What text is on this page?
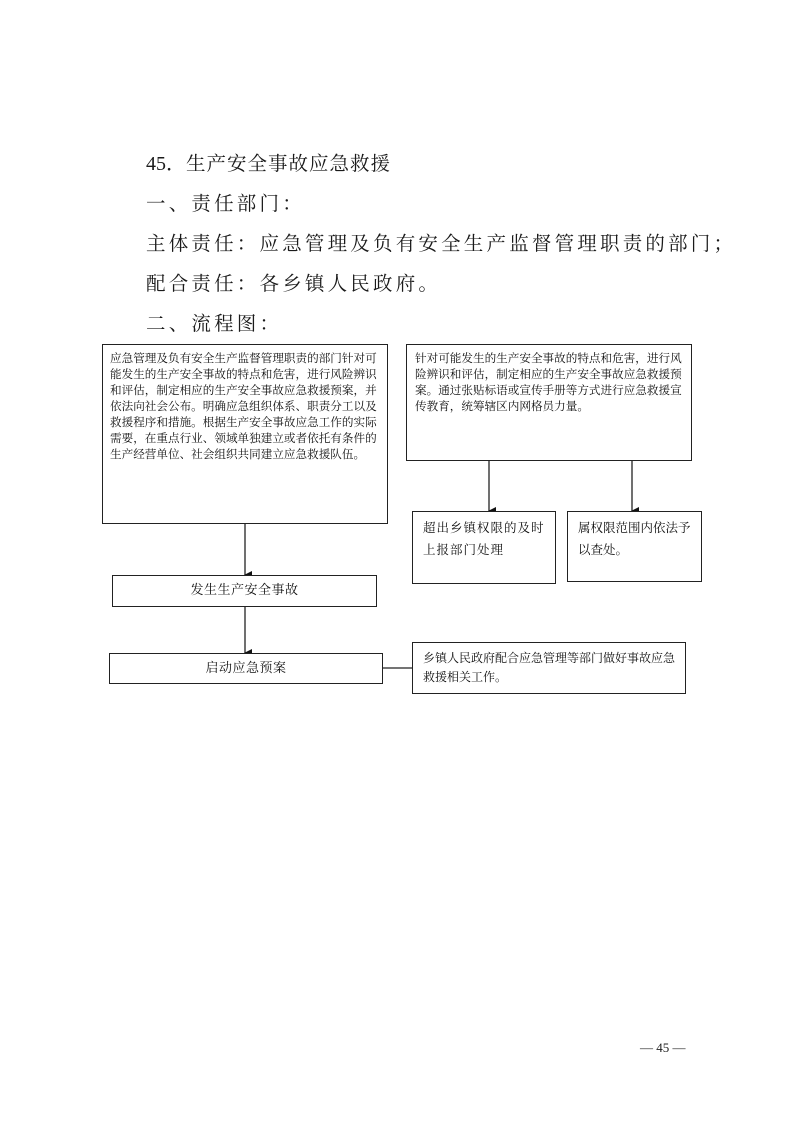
45．生产安全事故应急救援
一、责任部门：
主体责任：应急管理及负有安全生产监督管理职责的部门；
配合责任：各乡镇人民政府。
二、流程图：
应急管理及负有安全生产监督管理职责的部门针对可能发生的生产安全事故的特点和危害，进行风险辨识和评估，制定相应的生产安全事故应急救援预案，并依法向社会公布。明确应急组织体系、职责分工以及救援程序和措施。根据生产安全事故应急工作的实际需要，在重点行业、领域单独建立或者依托有条件的生产经营单位、社会组织共同建立应急救援队伍。
针对可能发生的生产安全事故的特点和危害，进行风险辨识和评估，制定相应的生产安全事故应急救援预案。通过张贴标语或宣传手册等方式进行应急救援宣传教育，统筹辖区内网格员力量。
超出乡镇权限的及时上报部门处理
属权限范围内依法予以查处。
发生生产安全事故
启动应急预案
乡镇人民政府配合应急管理等部门做好事故应急救援相关工作。
— 45 —
